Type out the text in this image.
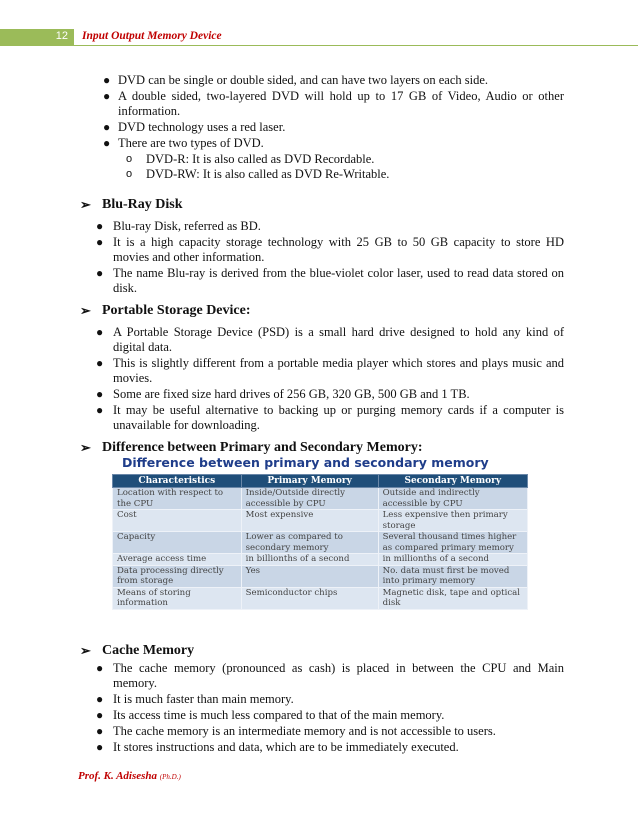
12 Input Output Memory Device
● DVD can be single or double sided, and can have two layers on each side.
● A double sided, two-layered DVD will hold up to 17 GB of Video, Audio or other information.
● DVD technology uses a red laser.
● There are two types of DVD.
o DVD-R: It is also called as DVD Recordable.
o DVD-RW: It is also called as DVD Re-Writable.
➢ Blu-Ray Disk
● Blu-ray Disk, referred as BD.
● It is a high capacity storage technology with 25 GB to 50 GB capacity to store HD movies and other information.
● The name Blu-ray is derived from the blue-violet color laser, used to read data stored on disk.
➢ Portable Storage Device:
● A Portable Storage Device (PSD) is a small hard drive designed to hold any kind of digital data.
● This is slightly different from a portable media player which stores and plays music and movies.
● Some are fixed size hard drives of 256 GB, 320 GB, 500 GB and 1 TB.
● It may be useful alternative to backing up or purging memory cards if a computer is unavailable for downloading.
➢ Difference between Primary and Secondary Memory:
Difference between primary and secondary memory
Characteristics	Primary Memory	Secondary Memory
Location with respect to the CPU	Inside/Outside directly accessible by CPU	Outside and indirectly accessible by CPU
Cost	Most expensive	Less expensive then primary storage
Capacity	Lower as compared to secondary memory	Several thousand times higher as compared primary memory
Average access time	in billionths of a second	in millionths of a second
Data processing directly from storage	Yes	No. data must first be moved into primary memory
Means of storing information	Semiconductor chips	Magnetic disk, tape and optical disk
➢ Cache Memory
● The cache memory (pronounced as cash) is placed in between the CPU and Main memory.
● It is much faster than main memory.
● Its access time is much less compared to that of the main memory.
● The cache memory is an intermediate memory and is not accessible to users.
● It stores instructions and data, which are to be immediately executed.
Prof. K. Adisesha (Ph.D.)
